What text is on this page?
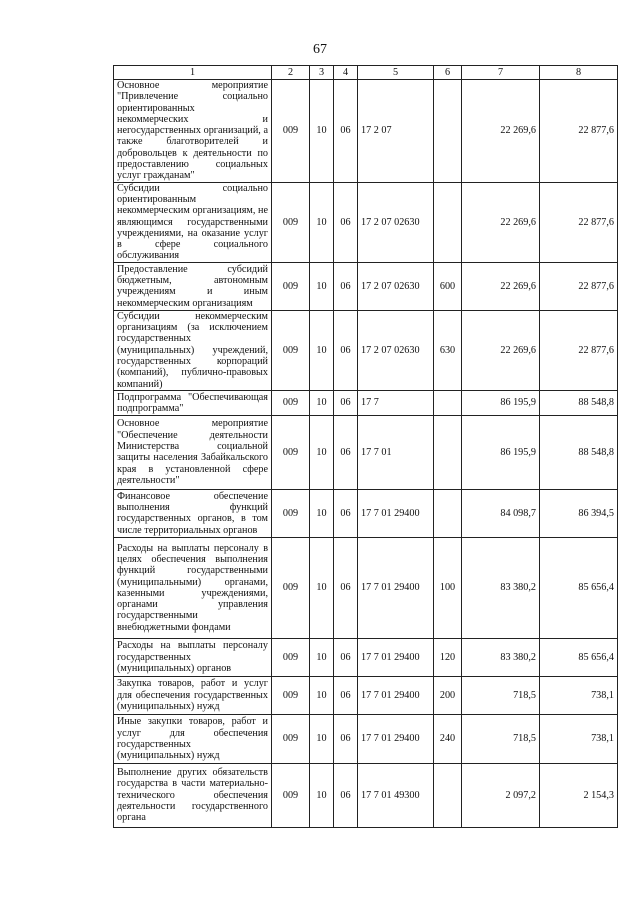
67
1	2	3	4	5	6	7	8
Основное мероприятие "Привлечение социально ориентированных некоммерческих и негосударственных организаций, а также благотворителей и добровольцев к деятельности по предоставлению социальных услуг гражданам"	009	10	06	17 2 07		22 269,6	22 877,6
Субсидии социально ориентированным некоммерческим организациям, не являющимся государственными учреждениями, на оказание услуг в сфере социального обслуживания	009	10	06	17 2 07 02630		22 269,6	22 877,6
Предоставление субсидий бюджетным, автономным учреждениям и иным некоммерческим организациям	009	10	06	17 2 07 02630	600	22 269,6	22 877,6
Субсидии некоммерческим организациям (за исключением государственных (муниципальных) учреждений, государственных корпораций (компаний), публично-правовых компаний)	009	10	06	17 2 07 02630	630	22 269,6	22 877,6
Подпрограмма "Обеспечивающая подпрограмма"	009	10	06	17 7		86 195,9	88 548,8
Основное мероприятие "Обеспечение деятельности Министерства социальной защиты населения Забайкальского края в установленной сфере деятельности"	009	10	06	17 7 01		86 195,9	88 548,8
Финансовое обеспечение выполнения функций государственных органов, в том числе территориальных органов	009	10	06	17 7 01 29400		84 098,7	86 394,5
Расходы на выплаты персоналу в целях обеспечения выполнения функций государственными (муниципальными) органами, казенными учреждениями, органами управления государственными внебюджетными фондами	009	10	06	17 7 01 29400	100	83 380,2	85 656,4
Расходы на выплаты персоналу государственных (муниципальных) органов	009	10	06	17 7 01 29400	120	83 380,2	85 656,4
Закупка товаров, работ и услуг для обеспечения государственных (муниципальных) нужд	009	10	06	17 7 01 29400	200	718,5	738,1
Иные закупки товаров, работ и услуг для обеспечения государственных (муниципальных) нужд	009	10	06	17 7 01 29400	240	718,5	738,1
Выполнение других обязательств государства в части материально-технического обеспечения деятельности государственного органа	009	10	06	17 7 01 49300		2 097,2	2 154,3
